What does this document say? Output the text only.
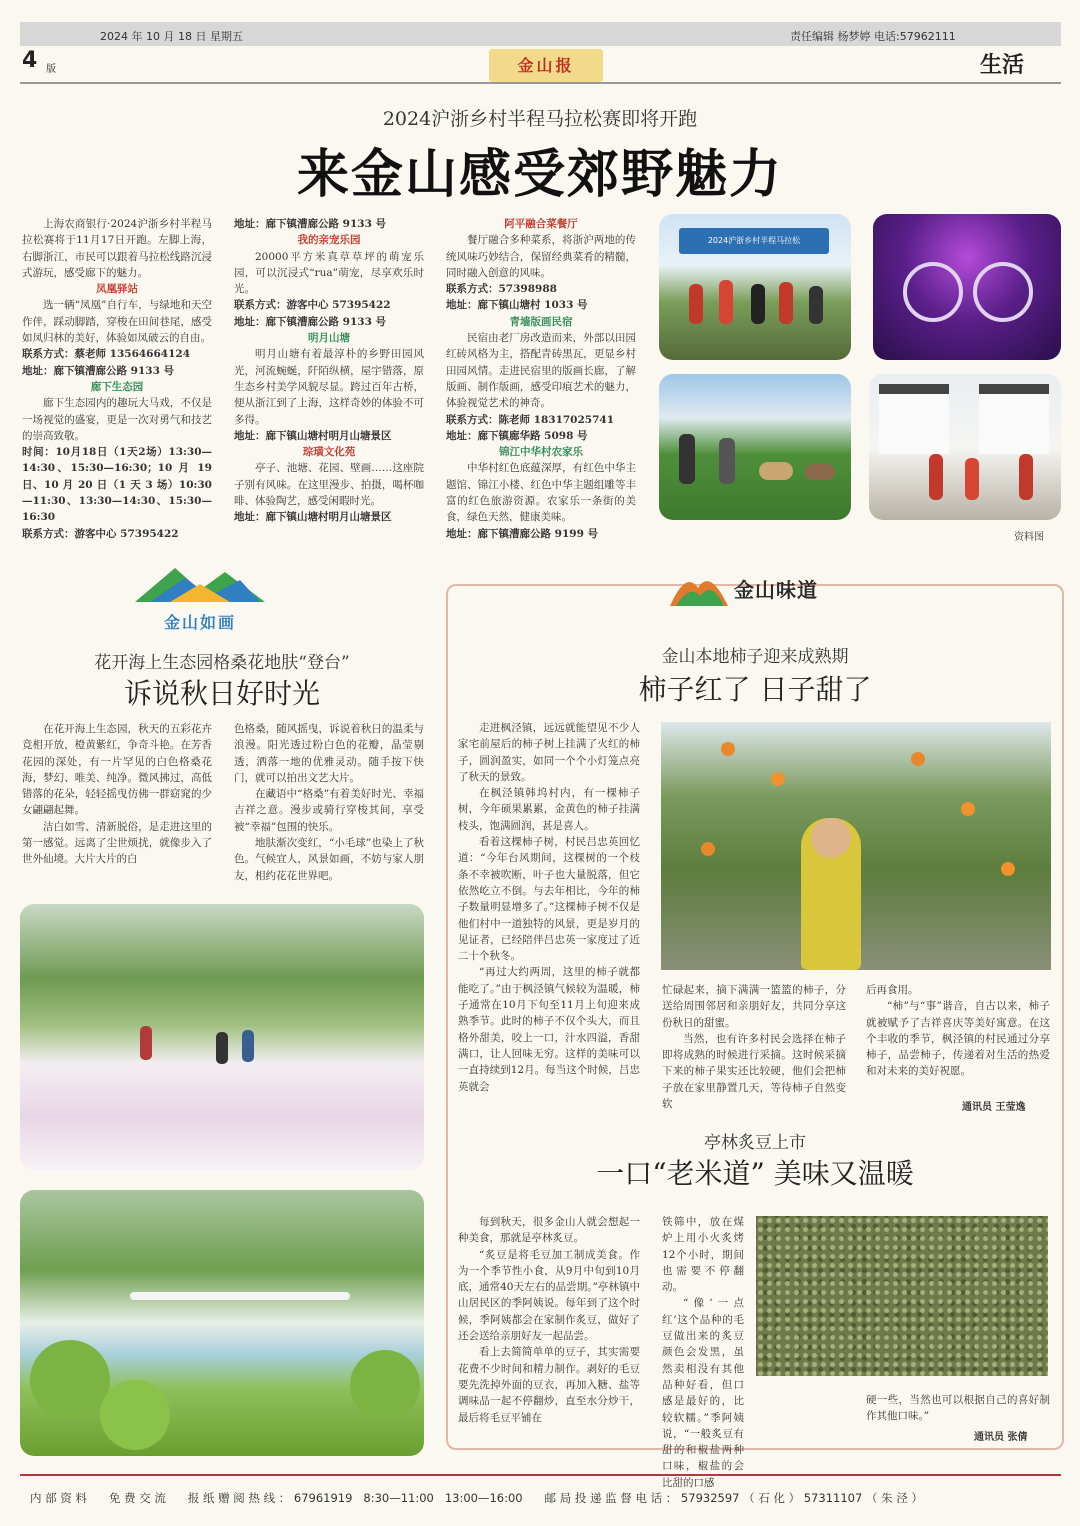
2024 年 10 月 18 日 星期五	责任编辑 杨梦婷 电话:57962111
4 版	金山报	生活
2024沪浙乡村半程马拉松赛即将开跑
来金山感受郊野魅力

上海农商银行·2024沪浙乡村半程马拉松赛将于11月17日开跑。左脚上海，右脚浙江，市民可以跟着马拉松线路沉浸式游玩，感受廊下的魅力。

凤凰驿站

选一辆“凤凰”自行车，与绿地和天空作伴，踩动脚踏，穿梭在田间巷尾，感受如凤归林的美好，体验如凤破云的自由。

联系方式：蔡老师 13564664124

地址：廊下镇漕廊公路 9133 号

廊下生态园

廊下生态园内的趣玩大马戏，不仅是一场视觉的盛宴，更是一次对勇气和技艺的崇高致敬。

时间：10月18日（1天2场）13:30—14:30、15:30—16:30；10 月 19 日、10 月 20 日（1 天 3 场）10:30—11:30、13:30—14:30、15:30—16:30

联系方式：游客中心 57395422

地址：廊下镇漕廊公路 9133 号

我的亲宠乐园

20000平方米真草草坪的萌宠乐园，可以沉浸式“rua”萌宠，尽享欢乐时光。

联系方式：游客中心 57395422

地址：廊下镇漕廊公路 9133 号

明月山塘

明月山塘有着最淳朴的乡野田园风光，河流蜿蜒，阡陌纵横，屋宇错落，原生态乡村美学风貌尽显。跨过百年古桥，便从浙江到了上海，这样奇妙的体验不可多得。

地址：廊下镇山塘村明月山塘景区

琮璜文化苑

亭子、池塘、花园、壁画……这座院子别有风味。在这里漫步、拍摄，喝杯咖啡、体验陶艺，感受闲暇时光。

地址：廊下镇山塘村明月山塘景区

阿平融合菜餐厅

餐厅融合多种菜系，将浙沪两地的传统风味巧妙结合，保留经典菜肴的精髓，同时融入创意的风味。

联系方式：57398988

地址：廊下镇山塘村 1033 号

青墙版画民宿

民宿由老厂房改造而来，外部以田园红砖风格为主，搭配青砖黑瓦，更显乡村田园风情。走进民宿里的版画长廊，了解版画、制作版画，感受印痕艺术的魅力，体验视觉艺术的神奇。

联系方式：陈老师 18317025741

地址：廊下镇廊华路 5098 号

锦江中华村农家乐

中华村红色底蕴深厚，有红色中华主题馆、锦江小楼、红色中华主题组雕等丰富的红色旅游资源。农家乐一条街的美食，绿色天然，健康美味。

地址：廊下镇漕廊公路 9199 号

2024沪浙乡村半程马拉松
资料图
金山如画
花开海上生态园格桑花地肤“登台”
诉说秋日好时光

在花开海上生态园，秋天的五彩花卉竞相开放，橙黄紫红，争奇斗艳。在芳香花园的深处，有一片罕见的白色格桑花海，梦幻、唯美、纯净。微风拂过，高低错落的花朵，轻轻摇曳仿佛一群窈窕的少女翩翩起舞。

洁白如雪、清新脱俗，是走进这里的第一感觉。远离了尘世烦扰，就像步入了世外仙境。大片大片的白

色格桑，随风摇曳，诉说着秋日的温柔与浪漫。阳光透过粉白色的花瓣，晶莹剔透，洒落一地的优雅灵动。随手按下快门，就可以拍出文艺大片。

在藏语中“格桑”有着美好时光、幸福吉祥之意。漫步或骑行穿梭其间，享受被“幸福”包围的快乐。

地肤渐次变红，“小毛球”也染上了秋色。气候宜人，风景如画，不妨与家人朋友，相约花花世界吧。

金山味道
金山本地柿子迎来成熟期
柿子红了 日子甜了

走进枫泾镇，远远就能望见不少人家宅前屋后的柿子树上挂满了火红的柿子，圆润盈实，如同一个个小灯笼点亮了秋天的景致。

在枫泾镇韩坞村内，有一棵柿子树，今年硕果累累，金黄色的柿子挂满枝头，饱满圆润，甚是喜人。

看着这棵柿子树，村民吕忠英回忆道：“今年台风期间，这棵树的一个枝条不幸被吹断，叶子也大量脱落，但它依然屹立不倒。与去年相比，今年的柿子数量明显增多了。”这棵柿子树不仅是他们村中一道独特的风景，更是岁月的见证者，已经陪伴吕忠英一家度过了近二十个秋冬。

“再过大约两周，这里的柿子就都能吃了。”由于枫泾镇气候较为温暖，柿子通常在10月下旬至11月上旬迎来成熟季节。此时的柿子不仅个头大，而且格外甜美，咬上一口，汁水四溢，香甜满口，让人回味无穷。这样的美味可以一直持续到12月。每当这个时候，吕忠英就会

忙碌起来，摘下满满一篮篮的柿子，分送给周围邻居和亲朋好友，共同分享这份秋日的甜蜜。

当然，也有许多村民会选择在柿子即将成熟的时候进行采摘。这时候采摘下来的柿子果实还比较硬，他们会把柿子放在家里静置几天，等待柿子自然变软

后再食用。

“柿”与“事”谐音，自古以来，柿子就被赋予了吉祥喜庆等美好寓意。在这个丰收的季节，枫泾镇的村民通过分享柿子，品尝柿子，传递着对生活的热爱和对未来的美好祝愿。

通讯员 王莹逸
亭林炙豆上市
一口“老米道” 美味又温暖

每到秋天，很多金山人就会想起一种美食，那就是亭林炙豆。

“炙豆是将毛豆加工制成美食。作为一个季节性小食，从9月中旬到10月底，通常40天左右的品尝期。”亭林镇中山居民区的季阿姨说。每年到了这个时候，季阿姨都会在家制作炙豆，做好了还会送给亲朋好友一起品尝。

看上去简简单单的豆子，其实需要花费不少时间和精力制作。剥好的毛豆要先洗掉外面的豆衣，再加入糖、盐等调味品一起不停翻炒，直至水分炒干，最后将毛豆平铺在

铁筛中，放在煤炉上用小火炙烤12个小时，期间也需要不停翻动。

“像‘一点红’这个品种的毛豆做出来的炙豆颜色会发黑，虽然卖相没有其他品种好看，但口感是最好的，比较软糯。”季阿姨说，“一般炙豆有甜的和椒盐两种口味，椒盐的会比甜的口感

硬一些，当然也可以根据自己的喜好制作其他口味。”

通讯员 张倩
内 部 资 料      免 费 交 流      报 纸 赠 阅 热 线 ： 67961919   8:30—11:00   13:00—16:00      邮 局 投 递 监 督 电 话 ： 57932597 （ 石 化 ） 57311107 （ 朱 泾 ）
